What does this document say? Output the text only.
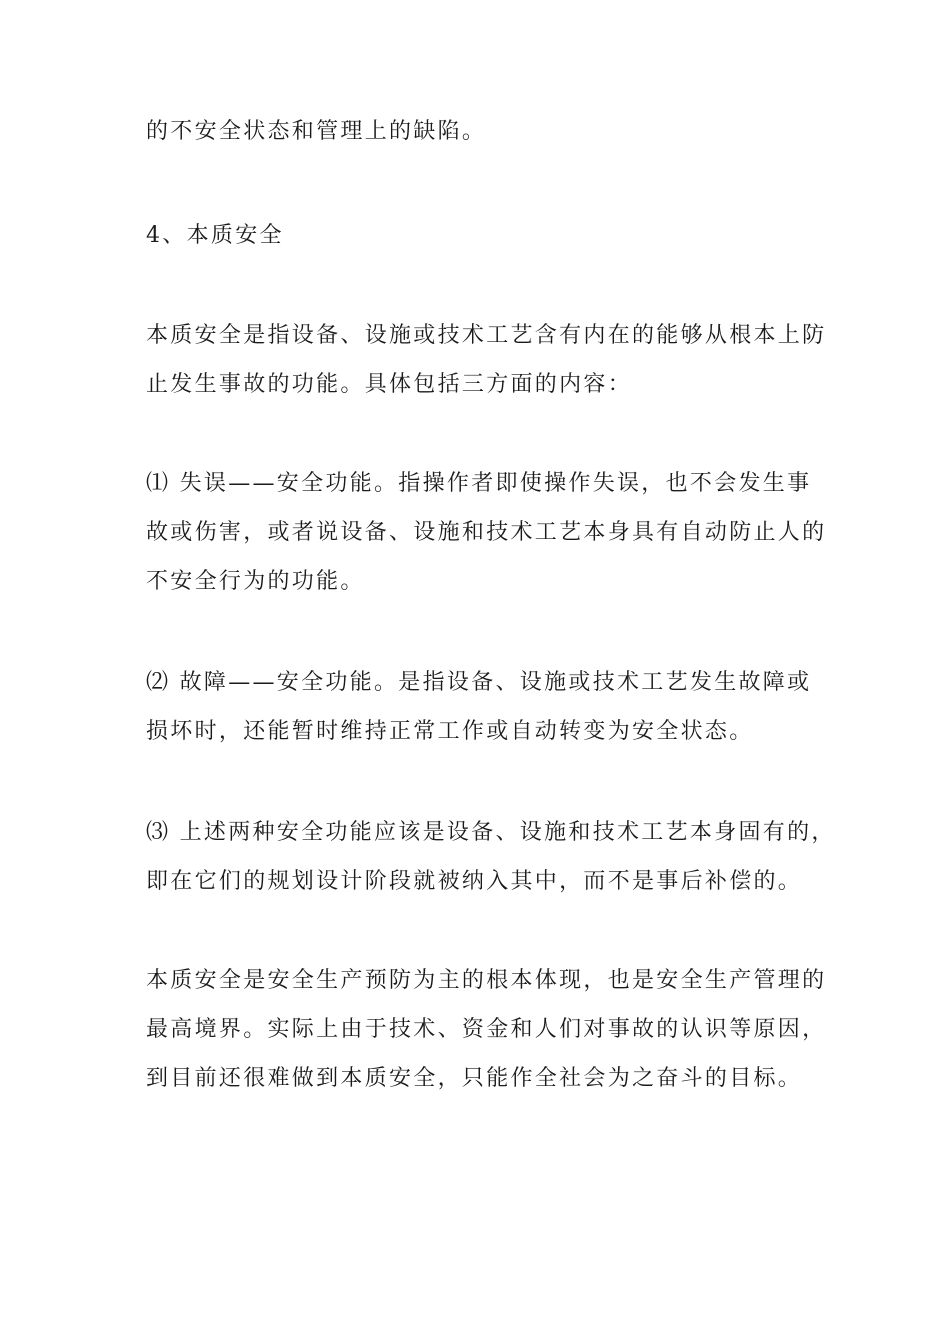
的不安全状态和管理上的缺陷。

4、本质安全

本质安全是指设备、设施或技术工艺含有内在的能够从根本上防

止发生事故的功能。具体包括三方面的内容：

⑴ 失误——安全功能。指操作者即使操作失误，也不会发生事

故或伤害，或者说设备、设施和技术工艺本身具有自动防止人的

不安全行为的功能。

⑵ 故障——安全功能。是指设备、设施或技术工艺发生故障或

损坏时，还能暂时维持正常工作或自动转变为安全状态。

⑶ 上述两种安全功能应该是设备、设施和技术工艺本身固有的，

即在它们的规划设计阶段就被纳入其中，而不是事后补偿的。

本质安全是安全生产预防为主的根本体现，也是安全生产管理的

最高境界。实际上由于技术、资金和人们对事故的认识等原因，

到目前还很难做到本质安全，只能作全社会为之奋斗的目标。
